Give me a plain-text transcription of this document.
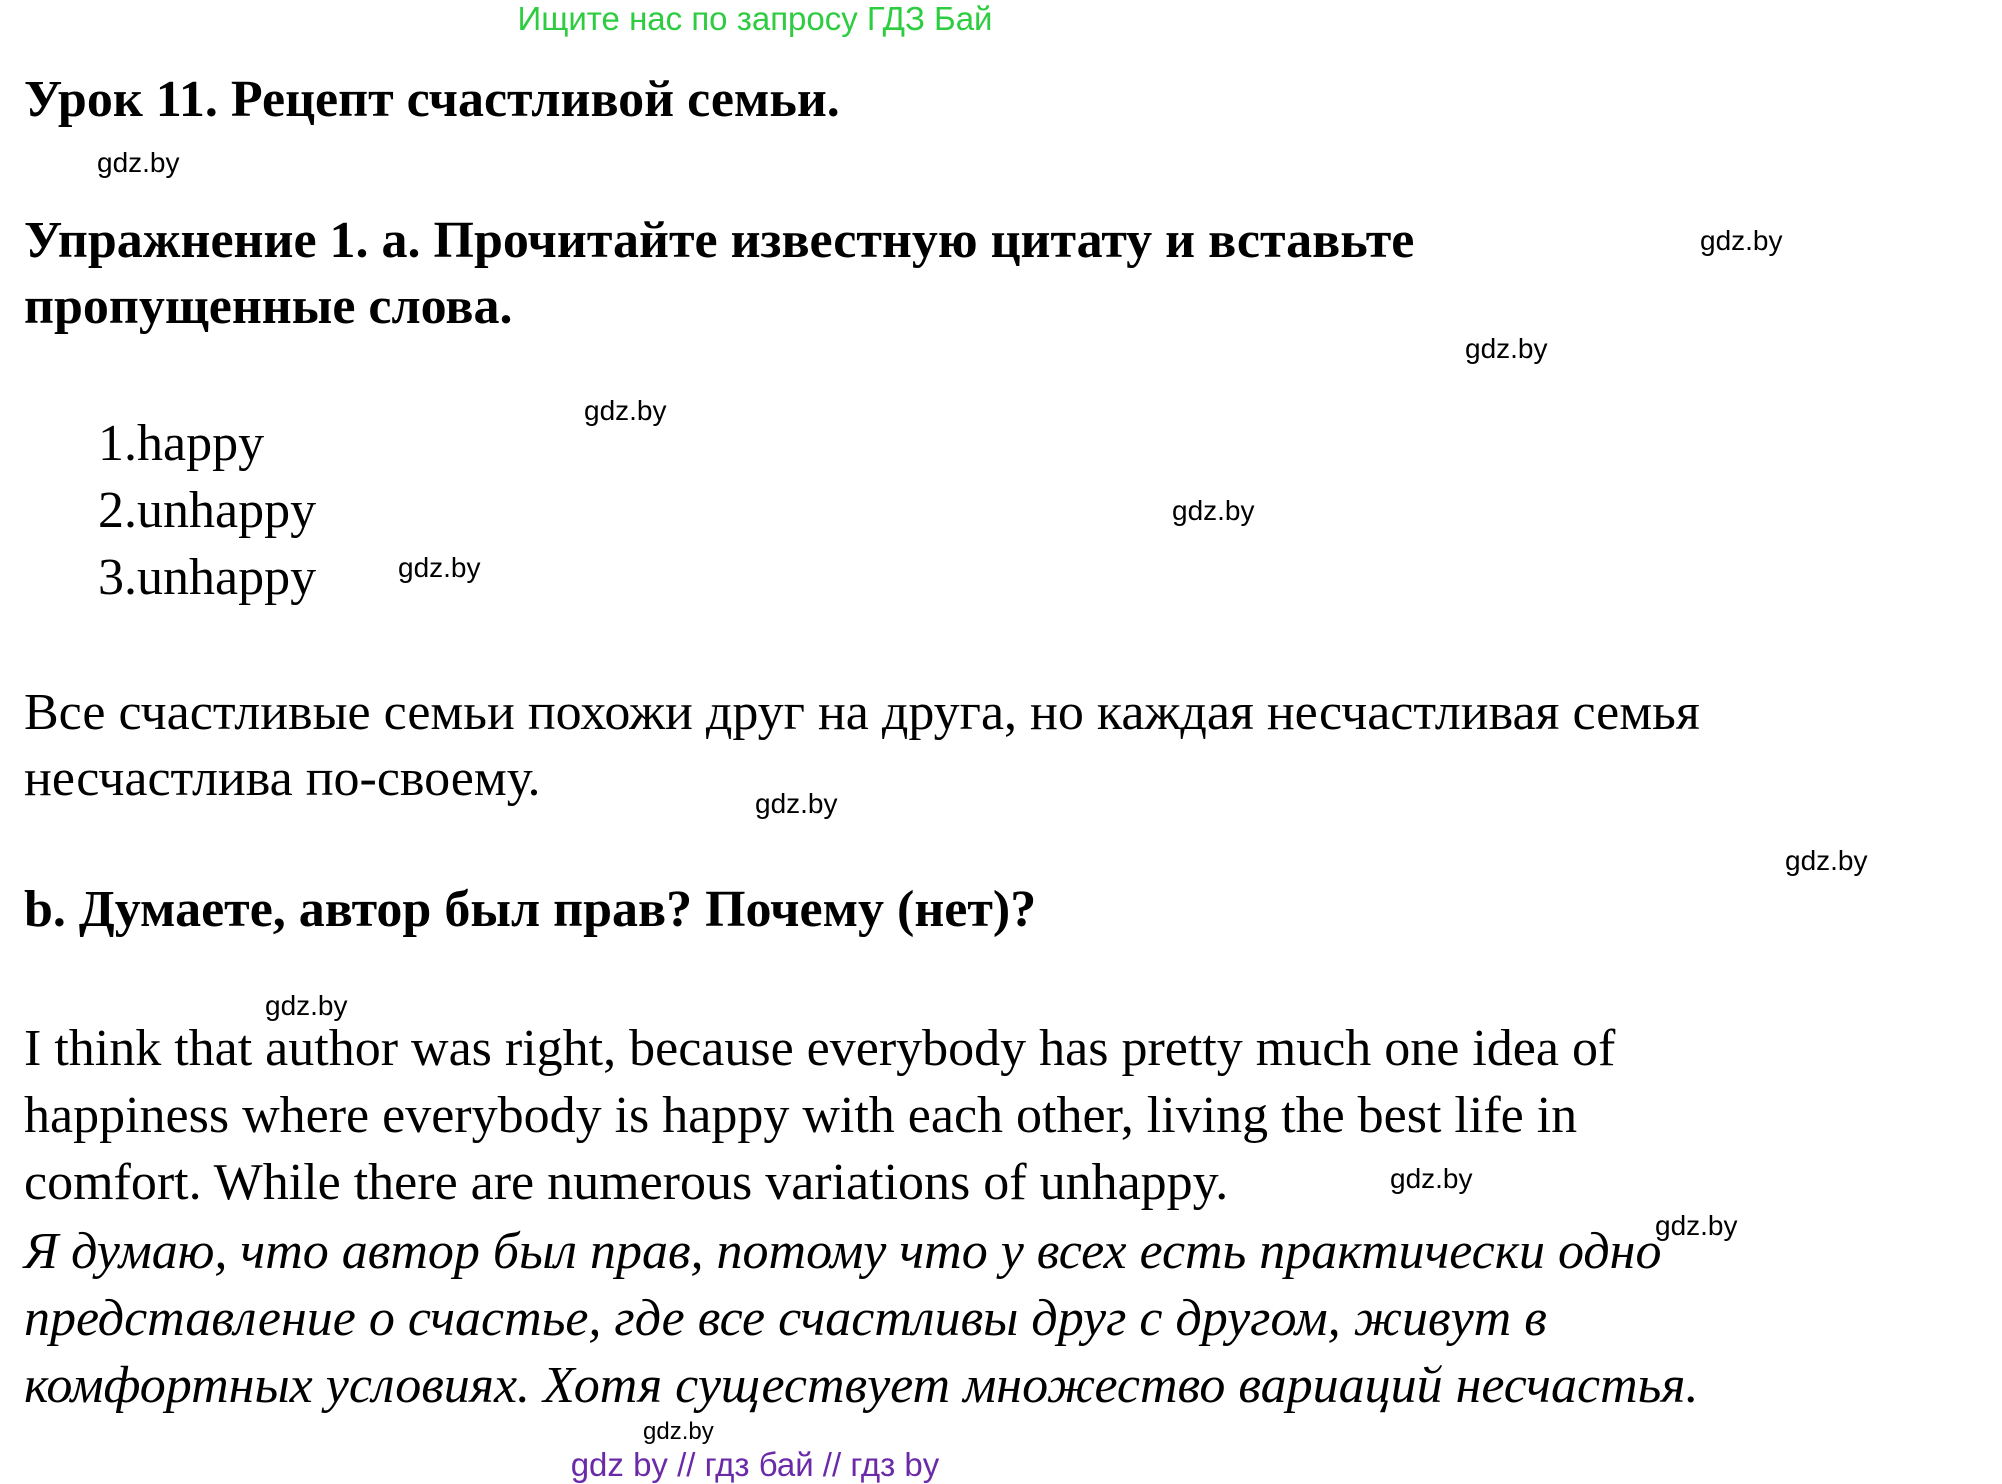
Ищите нас по запросу ГДЗ Бай
Урок 11. Рецепт счастливой семьи.
Упражнение 1. а. Прочитайте известную цитату и вставьте
пропущенные слова.
1.happy
2.unhappy
3.unhappy
Все счастливые семьи похожи друг на друга, но каждая несчастливая семья
несчастлива по-своему.
b. Думаете, автор был прав? Почему (нет)?
I think that author was right, because everybody has pretty much one idea of
happiness where everybody is happy with each other, living the best life in
comfort. While there are numerous variations of unhappy.
Я думаю, что автор был прав, потому что у всех есть практически одно
представление о счастье, где все счастливы друг с другом, живут в
комфортных условиях. Хотя существует множество вариаций несчастья.
gdz.by
gdz.by
gdz.by
gdz.by
gdz.by
gdz.by
gdz.by
gdz.by
gdz.by
gdz.by
gdz.by
gdz.by
gdz by // гдз бай // гдз by
